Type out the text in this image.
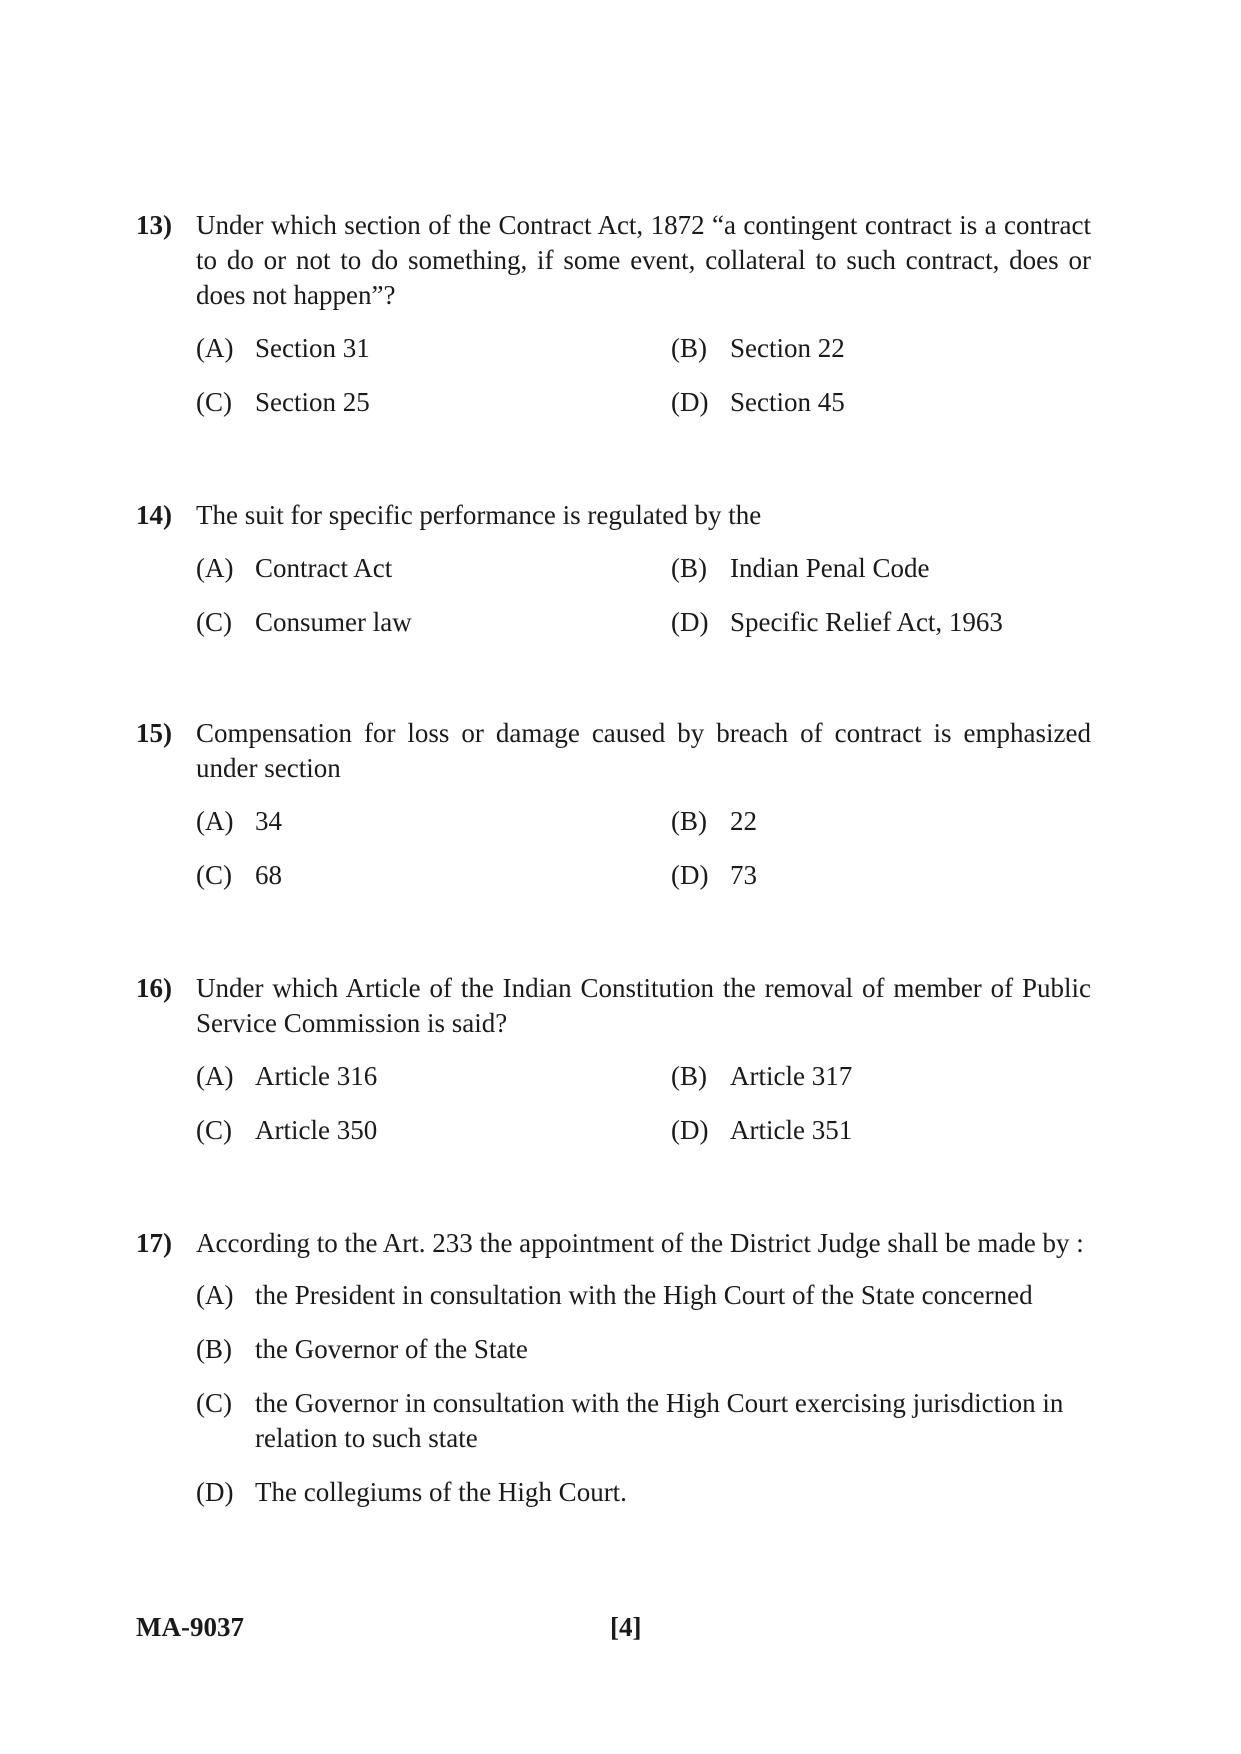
13) Under which section of the Contract Act, 1872 “a contingent contract is a contract to do or not to do something, if some event, collateral to such contract, does or does not happen”?
(A) Section 31	(B) Section 22
(C) Section 25	(D) Section 45
14) The suit for specific performance is regulated by the
(A) Contract Act	(B) Indian Penal Code
(C) Consumer law	(D) Specific Relief Act, 1963
15) Compensation for loss or damage caused by breach of contract is emphasized under section
(A) 34	(B) 22
(C) 68	(D) 73
16) Under which Article of the Indian Constitution the removal of member of Public Service Commission is said?
(A) Article 316	(B) Article 317
(C) Article 350	(D) Article 351
17) According to the Art. 233 the appointment of the District Judge shall be made by :
(A) the President in consultation with the High Court of the State concerned
(B) the Governor of the State
(C) the Governor in consultation with the High Court exercising jurisdiction in relation to such state
(D) The collegiums of the High Court.
MA-9037	[4]
